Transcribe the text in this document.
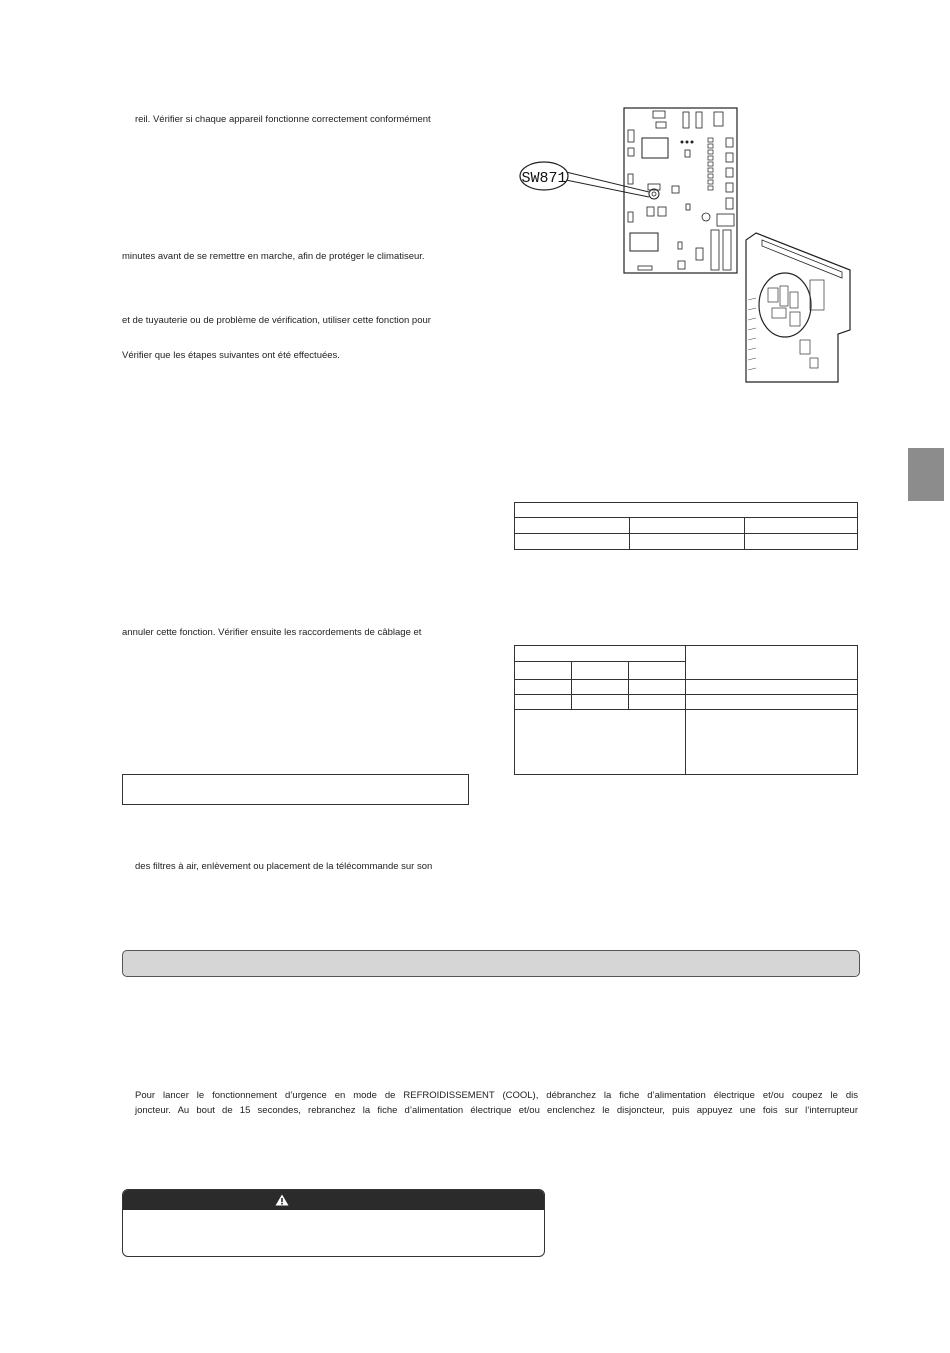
reil. Vérifier si chaque appareil fonctionne correctement conformément
minutes avant de se remettre en marche, afin de protéger le climatiseur.
et de tuyauterie ou de problème de vérification, utiliser cette fonction pour
Vérifier que les étapes suivantes ont été effectuées.
annuler cette fonction. Vérifier ensuite les raccordements de câblage et
des filtres à air, enlèvement ou placement de la télécommande sur son
SW871

Pour lancer le fonctionnement d’urgence en mode de REFROIDISSEMENT (COOL), débranchez la fiche d’alimentation électrique et/ou coupez le dis
joncteur. Au bout de 15 secondes, rebranchez la fiche d’alimentation électrique et/ou enclenchez le disjoncteur, puis appuyez une fois sur l’interrupteur
